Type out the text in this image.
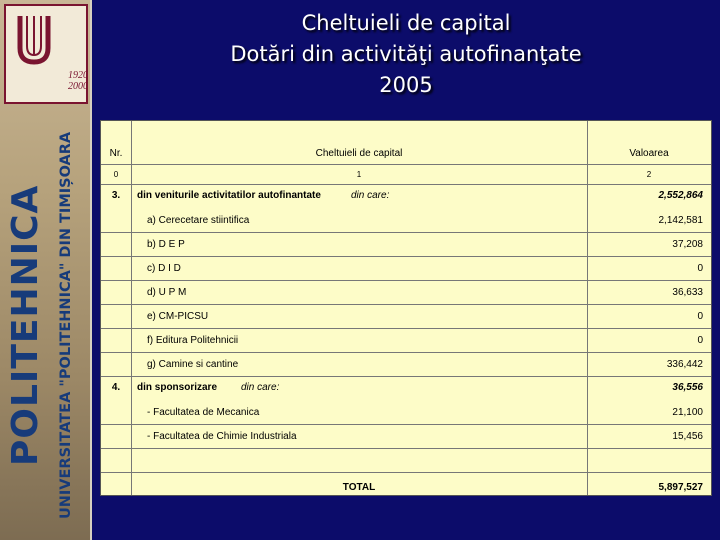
1920
2000
POLITEHNICA UNIVERSITATEA "POLITEHNICA" DIN TIMIȘOARA
Cheltuieli de capital
Dotări din activităţi autofinanţate
2005
Nr.	Cheltuieli de capital	Valoarea
0	1	2
3.	din veniturile activitatilor autofinantate	din care:	2,552,864
a) Cerecetare stiintifica	2,142,581
b) D E P	37,208
c) D I D	0
d) U P M	36,633
e) CM-PICSU	0
f) Editura Politehnicii	0
g) Camine si cantine	336,442
4.	din sponsorizare din care:	36,556
- Facultatea de Mecanica	21,100
- Facultatea de Chimie Industriala	15,456
TOTAL	5,897,527
